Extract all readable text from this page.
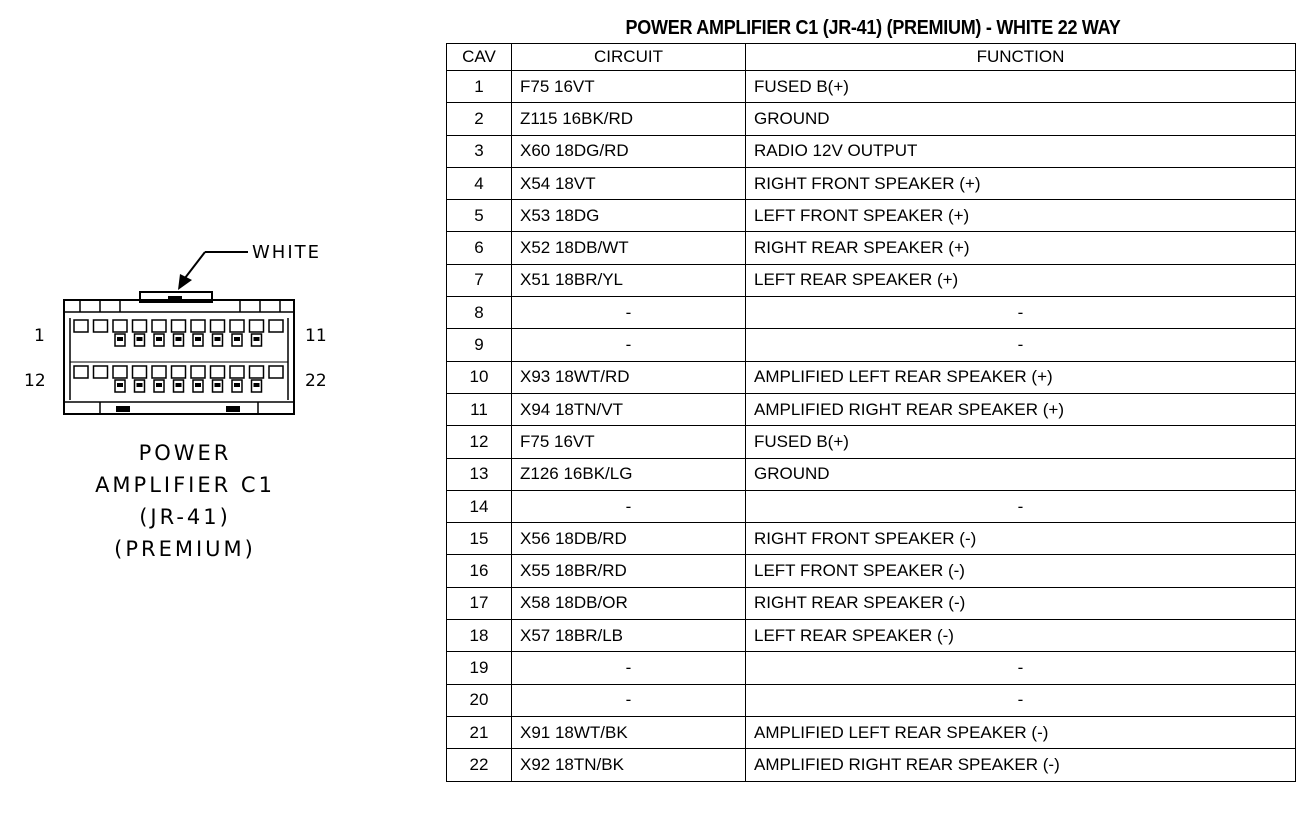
POWER AMPLIFIER C1 (JR-41) (PREMIUM) - WHITE 22 WAY
CAV	CIRCUIT	FUNCTION
1	F75 16VT	FUSED B(+)
2	Z115 16BK/RD	GROUND
3	X60 18DG/RD	RADIO 12V OUTPUT
4	X54 18VT	RIGHT FRONT SPEAKER (+)
5	X53 18DG	LEFT FRONT SPEAKER (+)
6	X52 18DB/WT	RIGHT REAR SPEAKER (+)
7	X51 18BR/YL	LEFT REAR SPEAKER (+)
8	-	-
9	-	-
10	X93 18WT/RD	AMPLIFIED LEFT REAR SPEAKER (+)
11	X94 18TN/VT	AMPLIFIED RIGHT REAR SPEAKER (+)
12	F75 16VT	FUSED B(+)
13	Z126 16BK/LG	GROUND
14	-	-
15	X56 18DB/RD	RIGHT FRONT SPEAKER (-)
16	X55 18BR/RD	LEFT FRONT SPEAKER (-)
17	X58 18DB/OR	RIGHT REAR SPEAKER (-)
18	X57 18BR/LB	LEFT REAR SPEAKER (-)
19	-	-
20	-	-
21	X91 18WT/BK	AMPLIFIED LEFT REAR SPEAKER (-)
22	X92 18TN/BK	AMPLIFIED RIGHT REAR SPEAKER (-)
WHITE
1	11
12	22
POWER
AMPLIFIER C1
(JR-41)
(PREMIUM)
